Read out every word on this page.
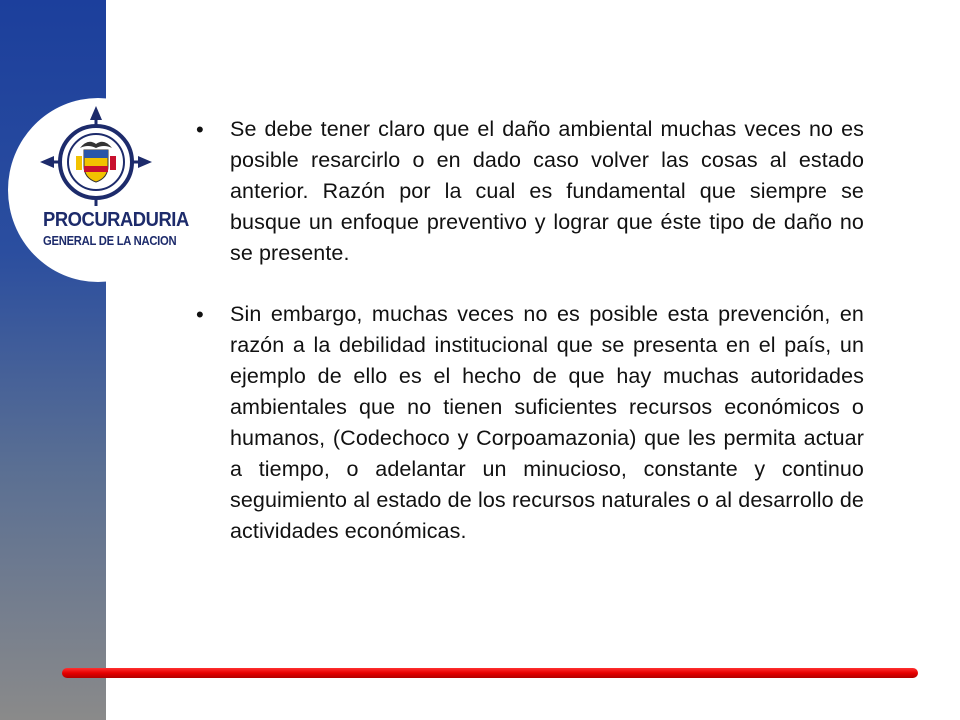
PROCURADURIA
GENERAL DE LA NACION
•	Se debe tener claro que el daño ambiental muchas veces no es posible resarcirlo o en dado caso volver las cosas al estado anterior. Razón por la cual es fundamental que siempre se busque un enfoque preventivo y lograr que éste tipo de daño no se presente.
•	Sin embargo, muchas veces no es posible esta prevención, en razón a la debilidad institucional que se presenta en el país, un ejemplo de ello es el hecho de que hay muchas autoridades ambientales que no tienen suficientes recursos económicos o humanos, (Codechoco y Corpoamazonia) que les permita actuar a tiempo, o adelantar un minucioso, constante y continuo seguimiento al estado de los recursos naturales o al desarrollo de actividades económicas.
